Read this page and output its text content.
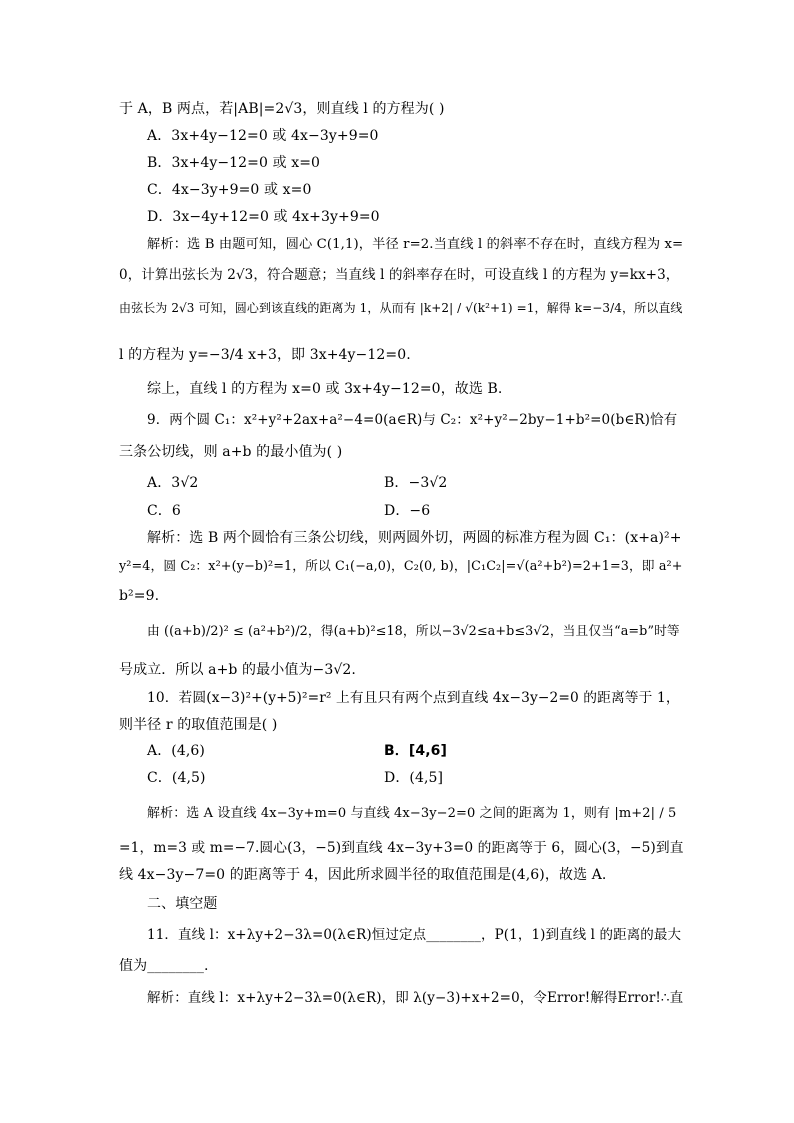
于 A，B 两点，若|AB|=2√3，则直线 l 的方程为( )
A．3x+4y−12=0 或 4x−3y+9=0
B．3x+4y−12=0 或 x=0
C．4x−3y+9=0 或 x=0
D．3x−4y+12=0 或 4x+3y+9=0
解析：选 B 由题可知，圆心 C(1,1)，半径 r=2.当直线 l 的斜率不存在时，直线方程为 x=
0，计算出弦长为 2√3，符合题意；当直线 l 的斜率存在时，可设直线 l 的方程为 y=kx+3，
由弦长为 2√3 可知，圆心到该直线的距离为 1，从而有 |k+2| / √(k²+1) =1，解得 k=−3/4，所以直线
l 的方程为 y=−3/4 x+3，即 3x+4y−12=0.
综上，直线 l 的方程为 x=0 或 3x+4y−12=0，故选 B.
9．两个圆 C₁：x²+y²+2ax+a²−4=0(a∈R)与 C₂：x²+y²−2by−1+b²=0(b∈R)恰有
三条公切线，则 a+b 的最小值为( )
A．3√2	B．−3√2
C．6	D．−6
解析：选 B 两个圆恰有三条公切线，则两圆外切，两圆的标准方程为圆 C₁：(x+a)²+
y²=4，圆 C₂：x²+(y−b)²=1，所以 C₁(−a,0)，C₂(0, b)，|C₁C₂|=√(a²+b²)=2+1=3，即 a²+
b²=9.
由 ((a+b)/2)² ≤ (a²+b²)/2，得(a+b)²≤18，所以−3√2≤a+b≤3√2，当且仅当“a=b”时等
号成立．所以 a+b 的最小值为−3√2.
10．若圆(x−3)²+(y+5)²=r² 上有且只有两个点到直线 4x−3y−2=0 的距离等于 1，
则半径 r 的取值范围是( )
A．(4,6)	B．[4,6]
C．(4,5)	D．(4,5]
解析：选 A 设直线 4x−3y+m=0 与直线 4x−3y−2=0 之间的距离为 1，则有 |m+2| / 5
=1，m=3 或 m=−7.圆心(3，−5)到直线 4x−3y+3=0 的距离等于 6，圆心(3，−5)到直
线 4x−3y−7=0 的距离等于 4，因此所求圆半径的取值范围是(4,6)，故选 A.
二、填空题
11．直线 l：x+λy+2−3λ=0(λ∈R)恒过定点________，P(1，1)到直线 l 的距离的最大
值为________.
解析：直线 l：x+λy+2−3λ=0(λ∈R)，即 λ(y−3)+x+2=0，令Error!解得Error!∴直
